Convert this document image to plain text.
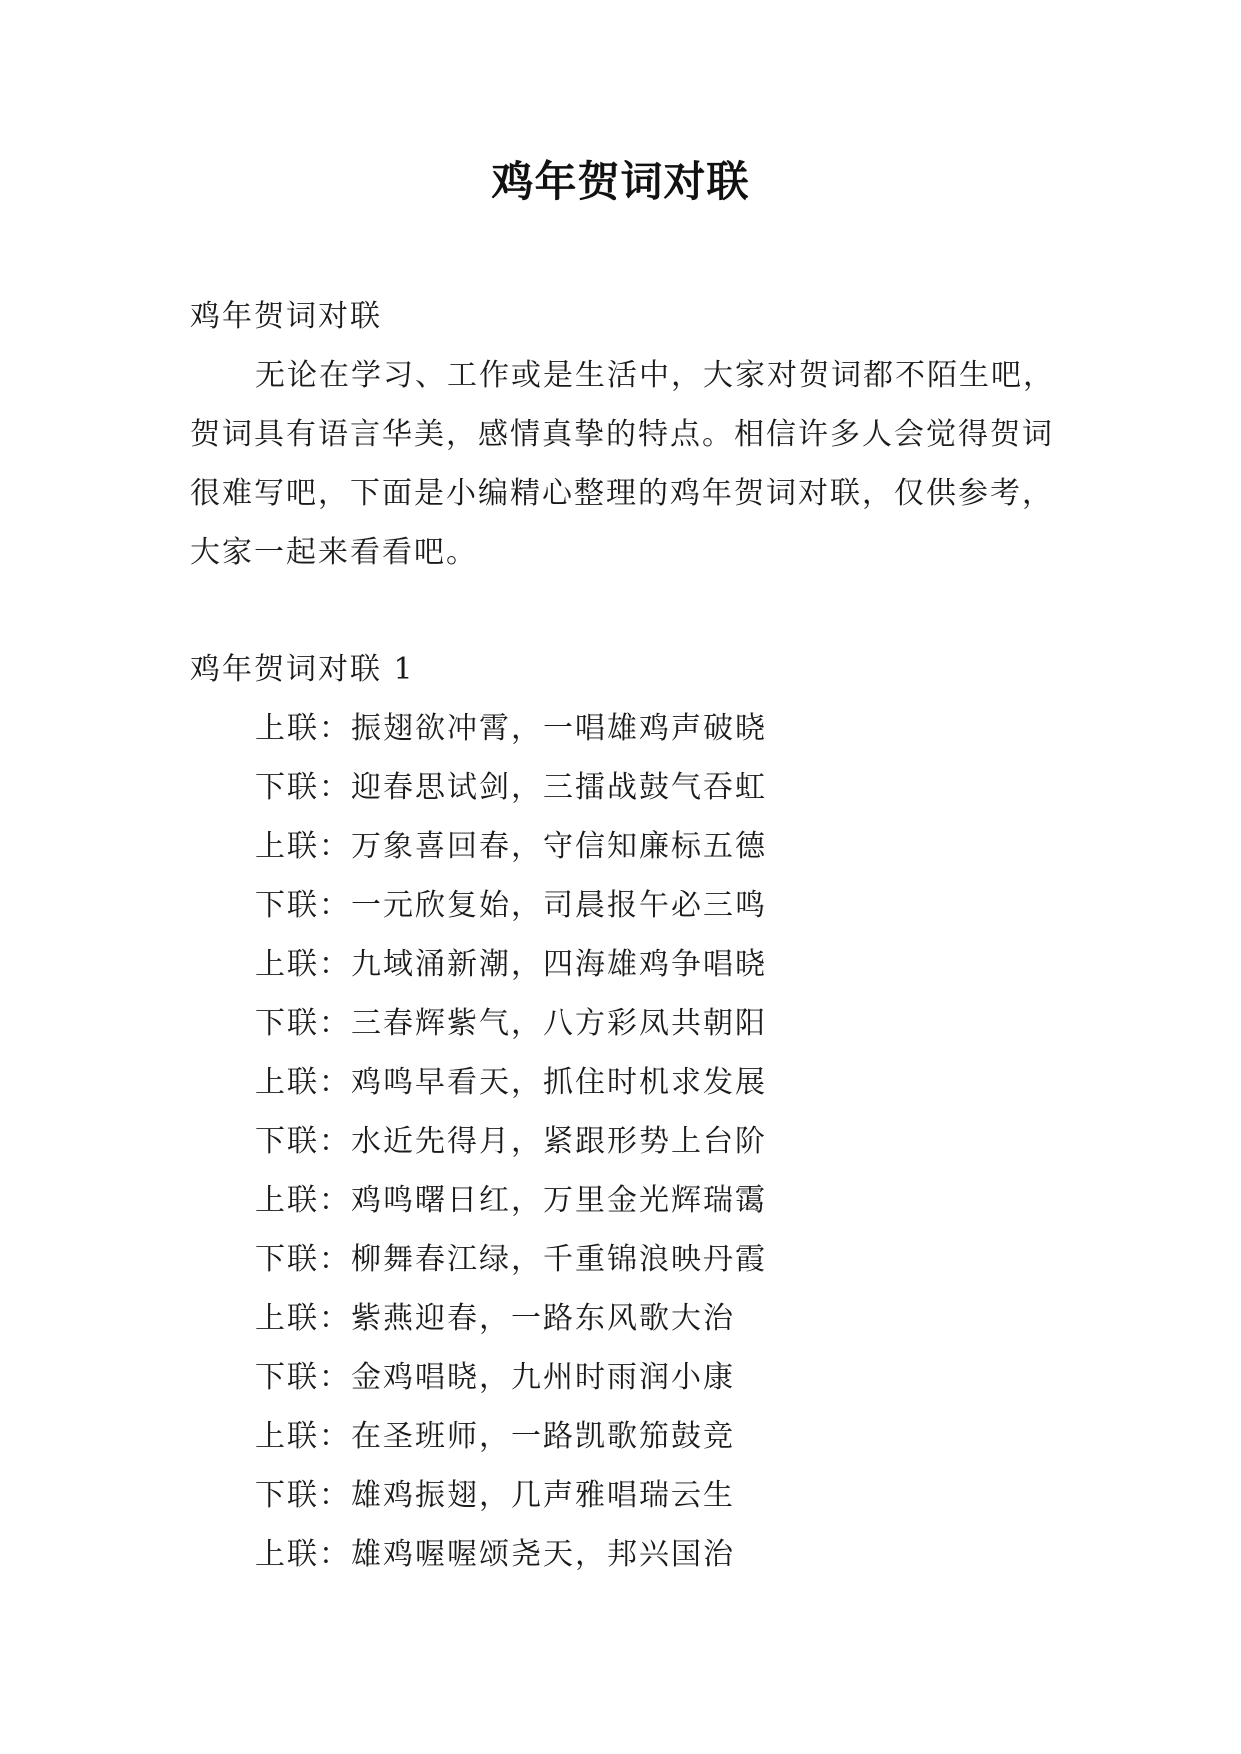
鸡年贺词对联

鸡年贺词对联

无论在学习、工作或是生活中，大家对贺词都不陌生吧，贺词具有语言华美，感情真挚的特点。相信许多人会觉得贺词很难写吧，下面是小编精心整理的鸡年贺词对联，仅供参考，大家一起来看看吧。

鸡年贺词对联 1

上联：振翅欲冲霄，一唱雄鸡声破晓
下联：迎春思试剑，三擂战鼓气吞虹
上联：万象喜回春，守信知廉标五德
下联：一元欣复始，司晨报午必三鸣
上联：九域涌新潮，四海雄鸡争唱晓
下联：三春辉紫气，八方彩凤共朝阳
上联：鸡鸣早看天，抓住时机求发展
下联：水近先得月，紧跟形势上台阶
上联：鸡鸣曙日红，万里金光辉瑞霭
下联：柳舞春江绿，千重锦浪映丹霞
上联：紫燕迎春，一路东风歌大治
下联：金鸡唱晓，九州时雨润小康
上联：在圣班师，一路凯歌笳鼓竞
下联：雄鸡振翅，几声雅唱瑞云生
上联：雄鸡喔喔颂尧天，邦兴国治
